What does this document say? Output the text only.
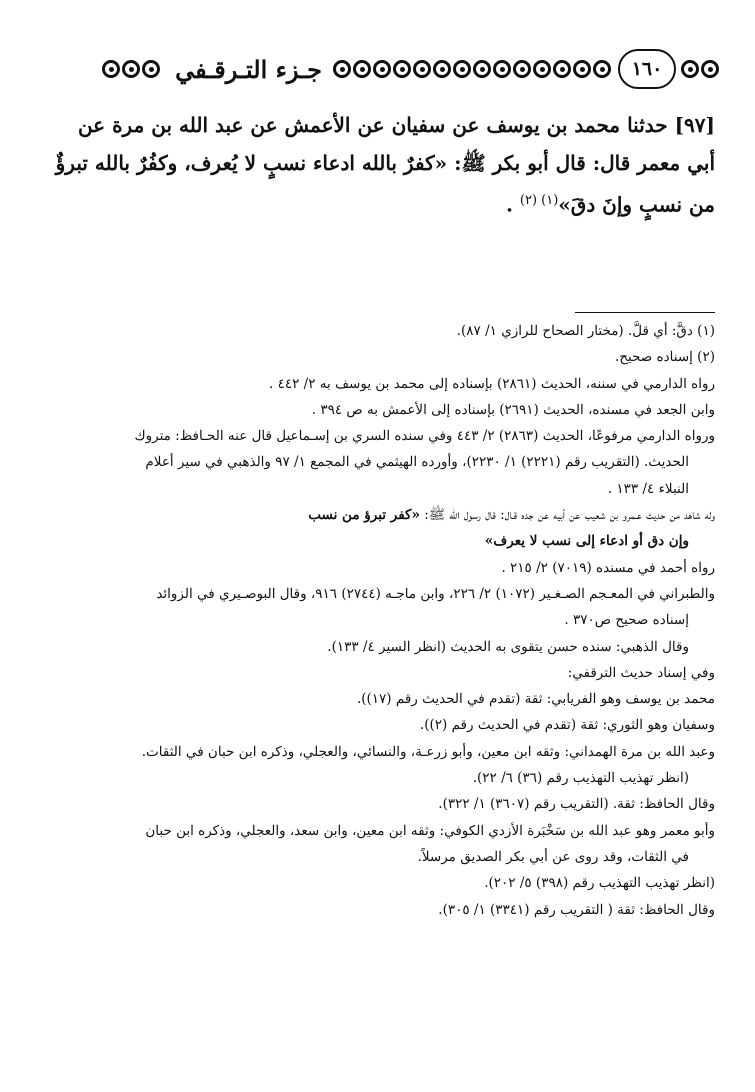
١٦٠
جـزء التـرقـفي

[٩٧] حدثنا محمد بن يوسف عن سفيان عن الأعمش عن عبد الله بن مرة عن

أبي معمر قال: قال أبو بكر ﷺ: «كفرٌ بالله ادعاء نسبٍ لا يُعرف، وكفُرٌ بالله تبرؤٌ

من نسبٍ وإنَ دقَ»$^{(١) (٢)}$ .

(١) دقَّ: أي قلَّ. (مختار الصحاح للرازي ١/ ٨٧).

(٢) إسناده صحيح.

رواه الدارمي في سننه، الحديث (٢٨٦١) بإسناده إلى محمد بن يوسف به ٢/ ٤٤٢ .

وابن الجعد في مسنده، الحديث (٢٦٩١) بإسناده إلى الأعمش به ص ٣٩٤ .

ورواه الدارمي مرفوعًا، الحديث (٢٨٦٣) ٢/ ٤٤٣ وفي سنده السري بن إسـماعيل قال عنه الحـافظ: متروك

الحديث. (التقريب رقم (٢٢٢١) ١/ ٢٢٣٠)، وأورده الهيثمي في المجمع ١/ ٩٧ والذهبي في سير أعلام

النبلاء ٤/ ١٣٣ .

وله شاهد من حديث عـمرو بن شعيب عن أبيه عن جده قـال: قال رسول الله ﷺ: «كفر تبرؤ من نسب

وإن دق أو ادعاء إلى نسب لا يعرف»

رواه أحمد في مسنده (٧٠١٩) ٢/ ٢١٥ .

والطبراني في المعـجم الصـغـير (١٠٧٢) ٢/ ٢٢٦، وابن ماجـه (٢٧٤٤) ٩١٦، وقال البوصـيري في الزوائد

إسناده صحيح ص٣٧٠ .

وقال الذهبي: سنده حسن يتقوى به الحديث (انظر السير ٤/ ١٣٣).

وفي إسناد حديث الترقفي:

محمد بن يوسف وهو الفريابي: ثقة (تقدم في الحديث رقم (١٧)).

وسفيان وهو الثوري: ثقة (تقدم في الحديث رقم (٢)).

وعبد الله بن مرة الهمداني: وثقه ابن معين، وأبو زرعـة، والنسائي، والعجلي، وذكره ابن حبان في الثقات.

(انظر تهذيب التهذيب رقم (٣٦) ٦/ ٢٢).

وقال الحافظ: ثقة. (التقريب رقم (٣٦٠٧) ١/ ٣٢٢).

وأبو معمر وهو عبد الله بن سَخْبَرة الأزدي الكوفي: وثقه ابن معين، وابن سعد، والعجلي، وذكره ابن حبان

في الثقات، وقد روى عن أبي بكر الصديق مرسلاً.

(انظر تهذيب التهذيب رقم (٣٩٨) ٥/ ٢٠٢).

وقال الحافظ: ثقة ( التقريب رقم (٣٣٤١) ١/ ٣٠٥).
